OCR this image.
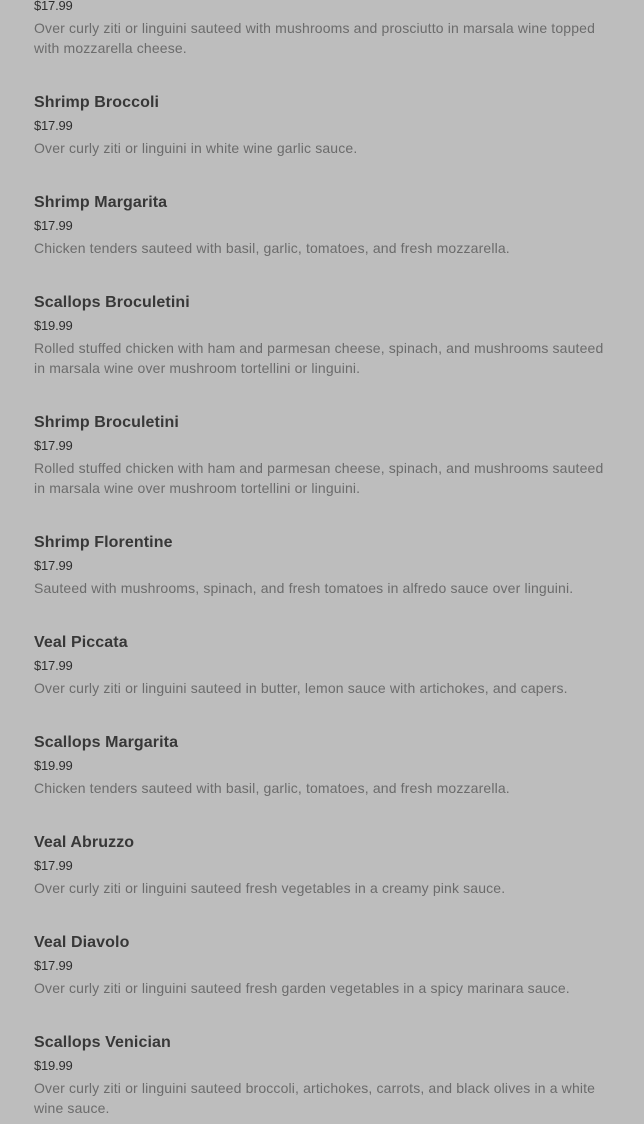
$17.99
Over curly ziti or linguini sauteed with mushrooms and prosciutto in marsala wine topped with mozzarella cheese.
Shrimp Broccoli
$17.99
Over curly ziti or linguini in white wine garlic sauce.
Shrimp Margarita
$17.99
Chicken tenders sauteed with basil, garlic, tomatoes, and fresh mozzarella.
Scallops Broculetini
$19.99
Rolled stuffed chicken with ham and parmesan cheese, spinach, and mushrooms sauteed in marsala wine over mushroom tortellini or linguini.
Shrimp Broculetini
$17.99
Rolled stuffed chicken with ham and parmesan cheese, spinach, and mushrooms sauteed in marsala wine over mushroom tortellini or linguini.
Shrimp Florentine
$17.99
Sauteed with mushrooms, spinach, and fresh tomatoes in alfredo sauce over linguini.
Veal Piccata
$17.99
Over curly ziti or linguini sauteed in butter, lemon sauce with artichokes, and capers.
Scallops Margarita
$19.99
Chicken tenders sauteed with basil, garlic, tomatoes, and fresh mozzarella.
Veal Abruzzo
$17.99
Over curly ziti or linguini sauteed fresh vegetables in a creamy pink sauce.
Veal Diavolo
$17.99
Over curly ziti or linguini sauteed fresh garden vegetables in a spicy marinara sauce.
Scallops Venician
$19.99
Over curly ziti or linguini sauteed broccoli, artichokes, carrots, and black olives in a white wine sauce.
